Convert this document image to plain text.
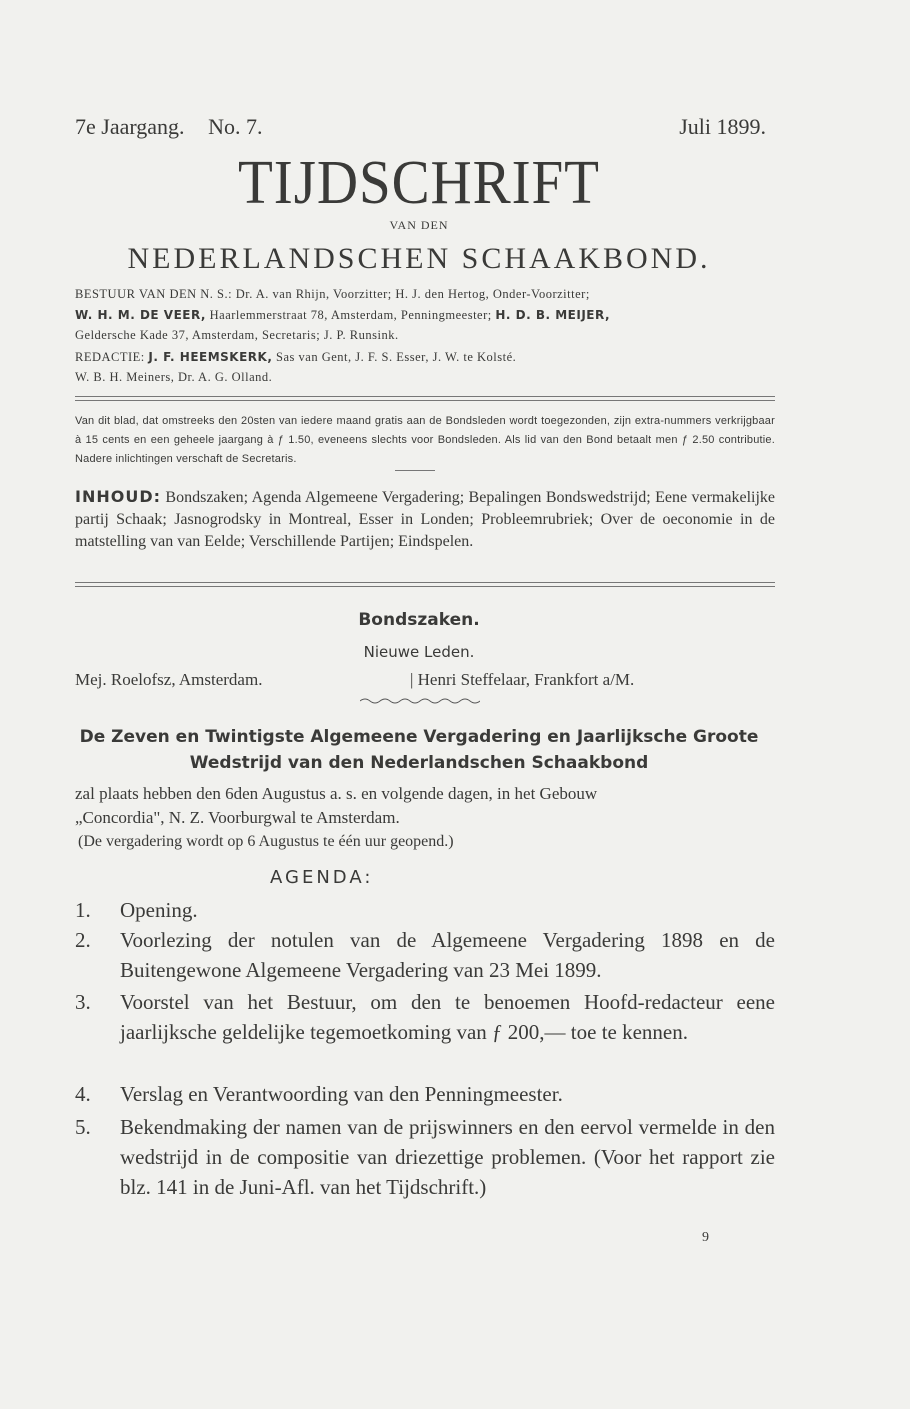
7e Jaargang. No. 7.	Juli 1899.
TIJDSCHRIFT
VAN DEN
NEDERLANDSCHEN SCHAAKBOND.
BESTUUR VAN DEN N. S.: Dr. A. van Rhijn, Voorzitter; H. J. den Hertog, Onder-Voorzitter;
W. H. M. DE VEER, Haarlemmerstraat 78, Amsterdam, Penningmeester; H. D. B. MEIJER,
Geldersche Kade 37, Amsterdam, Secretaris; J. P. Runsink.
REDACTIE: J. F. HEEMSKERK, Sas van Gent, J. F. S. Esser, J. W. te Kolsté.
W. B. H. Meiners, Dr. A. G. Olland.
Van dit blad, dat omstreeks den 20sten van iedere maand gratis aan de Bondsleden wordt toegezonden, zijn extra-nummers verkrijgbaar à 15 cents en een geheele jaargang à ƒ 1.50, eveneens slechts voor Bondsleden. Als lid van den Bond betaalt men ƒ 2.50 contributie. Nadere inlichtingen verschaft de Secretaris.
INHOUD: Bondszaken; Agenda Algemeene Vergadering; Bepalingen Bondswedstrijd; Eene vermakelijke partij Schaak; Jasnogrodsky in Montreal, Esser in Londen; Probleemrubriek; Over de oeconomie in de matstelling van van Eelde; Verschillende Partijen; Eindspelen.
Bondszaken.
Nieuwe Leden.
Mej. Roelofsz, Amsterdam.	| Henri Steffelaar, Frankfort a/M.
De Zeven en Twintigste Algemeene Vergadering en Jaarlijksche Groote Wedstrijd van den Nederlandschen Schaakbond
zal plaats hebben den 6den Augustus a. s. en volgende dagen, in het Gebouw
„Concordia", N. Z. Voorburgwal te Amsterdam.
(De vergadering wordt op 6 Augustus te één uur geopend.)
AGENDA:
1.	Opening.
2.	Voorlezing der notulen van de Algemeene Vergadering 1898 en de Buitengewone Algemeene Vergadering van 23 Mei 1899.
3.	Voorstel van het Bestuur, om den te benoemen Hoofd-redacteur eene jaarlijksche geldelijke tegemoetkoming van ƒ 200,— toe te kennen.
4.	Verslag en Verantwoording van den Penningmeester.
5.	Bekendmaking der namen van de prijswinners en den eervol vermelde in den wedstrijd in de compositie van driezettige problemen. (Voor het rapport zie blz. 141 in de Juni-Afl. van het Tijdschrift.)
9
